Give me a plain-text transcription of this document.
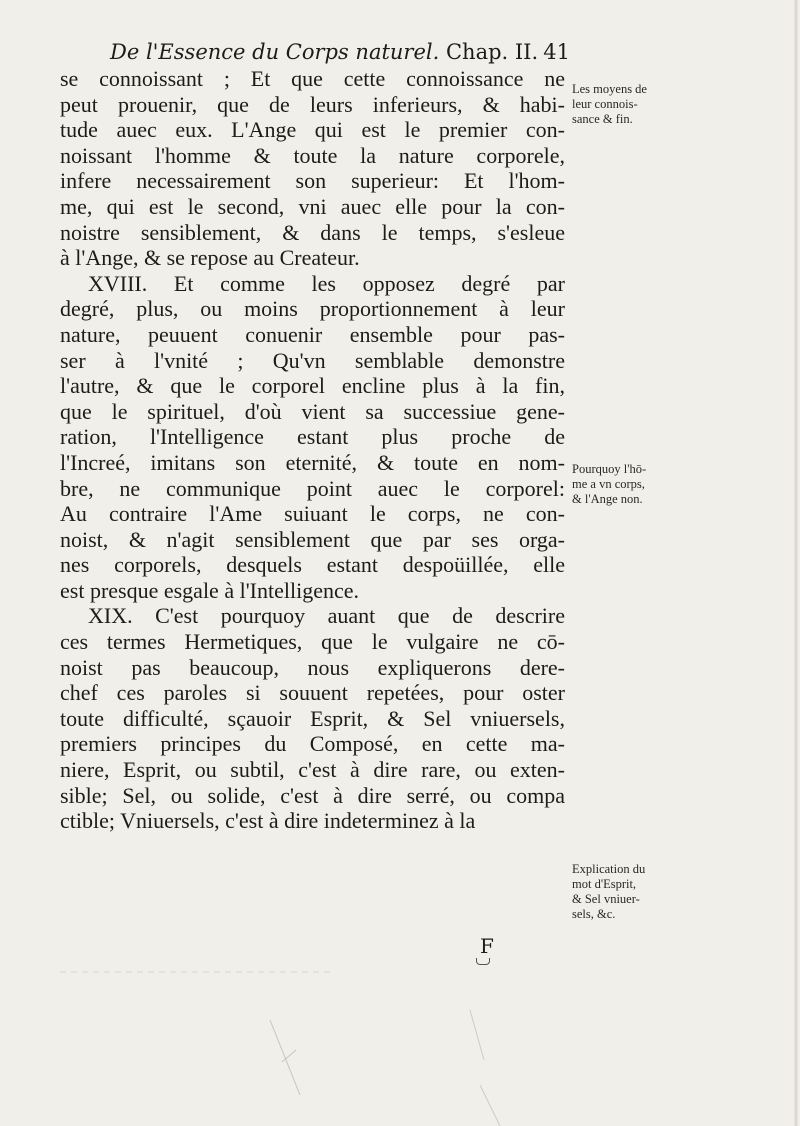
De l'Essence du Corps naturel. Chap. II. 41
se connoissant ; Et que cette connoissance ne
peut prouenir, que de leurs inferieurs, & habi-
tude auec eux. L'Ange qui est le premier con-
noissant l'homme & toute la nature corporele,
infere necessairement son superieur: Et l'hom-
me, qui est le second, vni auec elle pour la con-
noistre sensiblement, & dans le temps, s'esleue
à l'Ange, & se repose au Createur.
XVIII. Et comme les opposez degré par
degré, plus, ou moins proportionnement à leur
nature, peuuent conuenir ensemble pour pas-
ser à l'vnité ; Qu'vn semblable demonstre
l'autre, & que le corporel encline plus à la fin,
que le spirituel, d'où vient sa successiue gene-
ration, l'Intelligence estant plus proche de
l'Increé, imitans son eternité, & toute en nom-
bre, ne communique point auec le corporel:
Au contraire l'Ame suiuant le corps, ne con-
noist, & n'agit sensiblement que par ses orga-
nes corporels, desquels estant despoüillée, elle
est presque esgale à l'Intelligence.
XIX. C'est pourquoy auant que de descrire
ces termes Hermetiques, que le vulgaire ne cō-
noist pas beaucoup, nous expliquerons dere-
chef ces paroles si souuent repetées, pour oster
toute difficulté, sçauoir Esprit, & Sel vniuersels,
premiers principes du Composé, en cette ma-
niere, Esprit, ou subtil, c'est à dire rare, ou exten-
sible; Sel, ou solide, c'est à dire serré, ou compa
ctible; Vniuersels, c'est à dire indeterminez à la
Les moyens de
leur connois-
sance & fin.
Pourquoy l'hō-
me a vn corps,
& l'Ange non.
Explication du
mot d'Esprit,
& Sel vniuer-
sels, &c.
F
